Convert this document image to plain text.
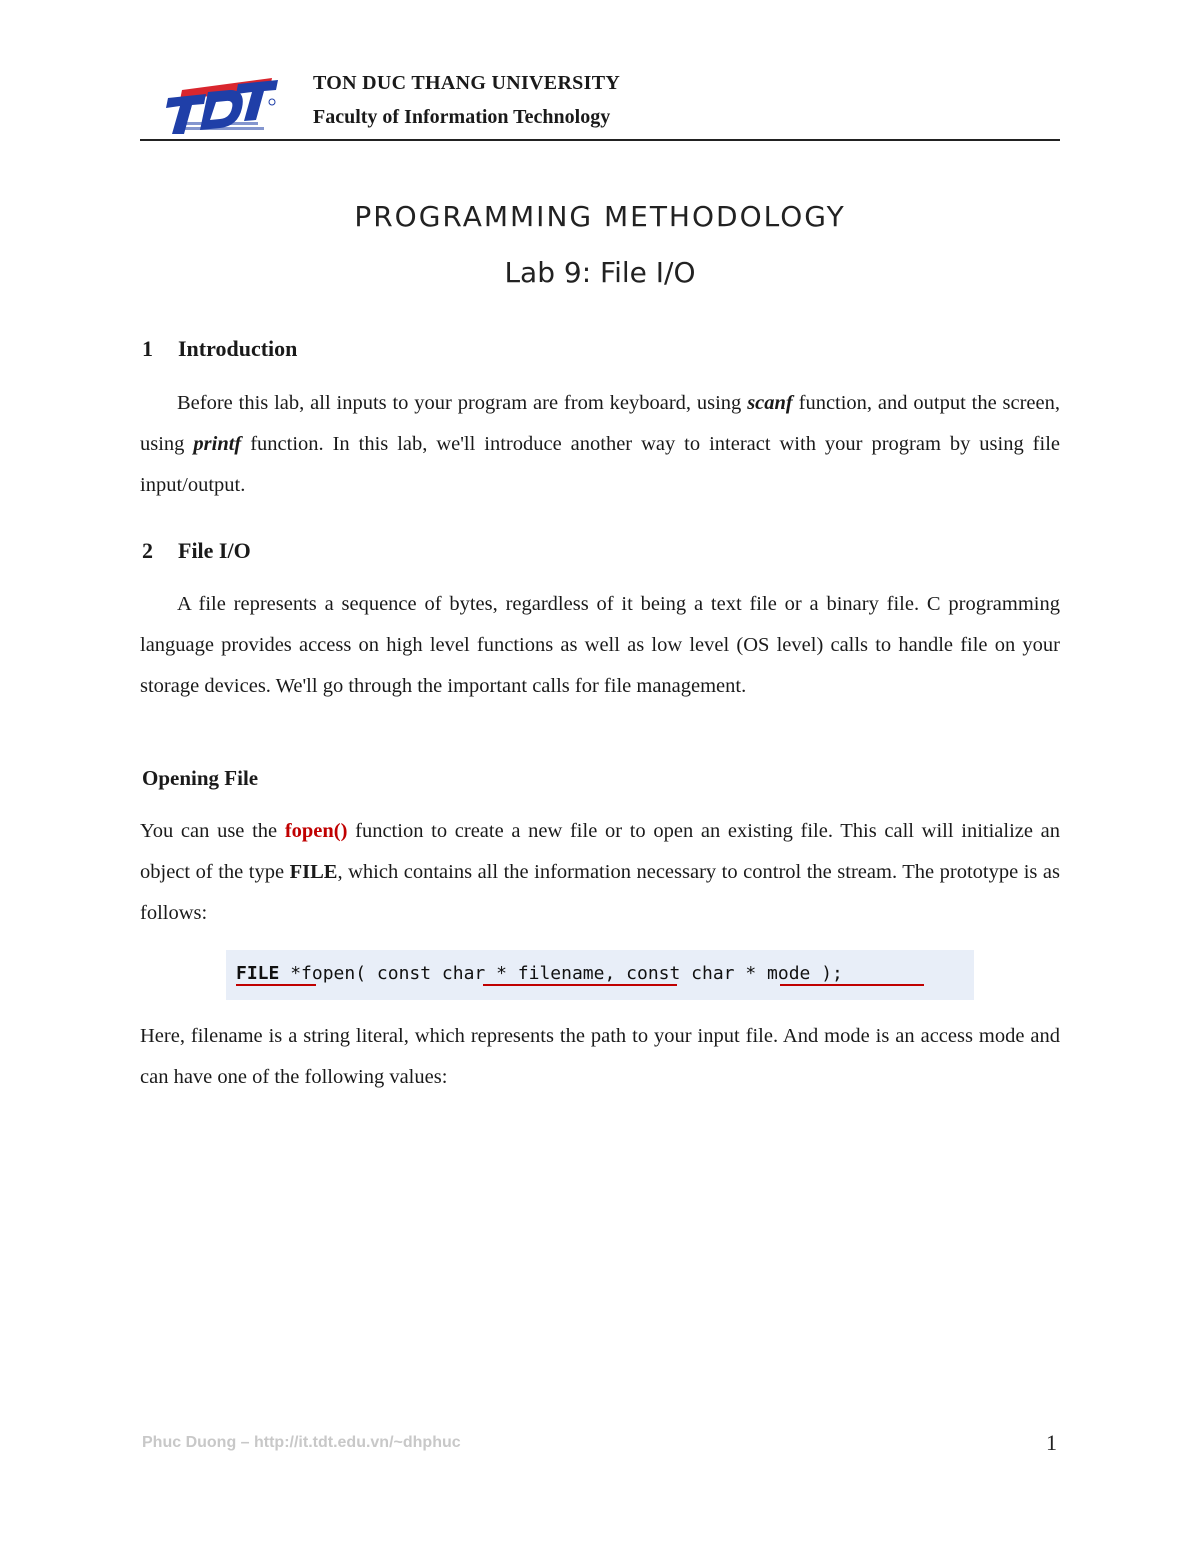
TON DUC THANG UNIVERSITY
Faculty of Information Technology
PROGRAMMING METHODOLOGY
Lab 9: File I/O
1 Introduction
Before this lab, all inputs to your program are from keyboard, using scanf function, and output the screen, using printf function. In this lab, we'll introduce another way to interact with your program by using file input/output.
2 File I/O
A file represents a sequence of bytes, regardless of it being a text file or a binary file. C programming language provides access on high level functions as well as low level (OS level) calls to handle file on your storage devices. We'll go through the important calls for file management.
Opening File
You can use the fopen() function to create a new file or to open an existing file. This call will initialize an object of the type FILE, which contains all the information necessary to control the stream. The prototype is as follows:
FILE *fopen( const char * filename, const char * mode );
Here, filename is a string literal, which represents the path to your input file. And mode is an access mode and can have one of the following values:
Phuc Duong – http://it.tdt.edu.vn/~dhphuc	1
